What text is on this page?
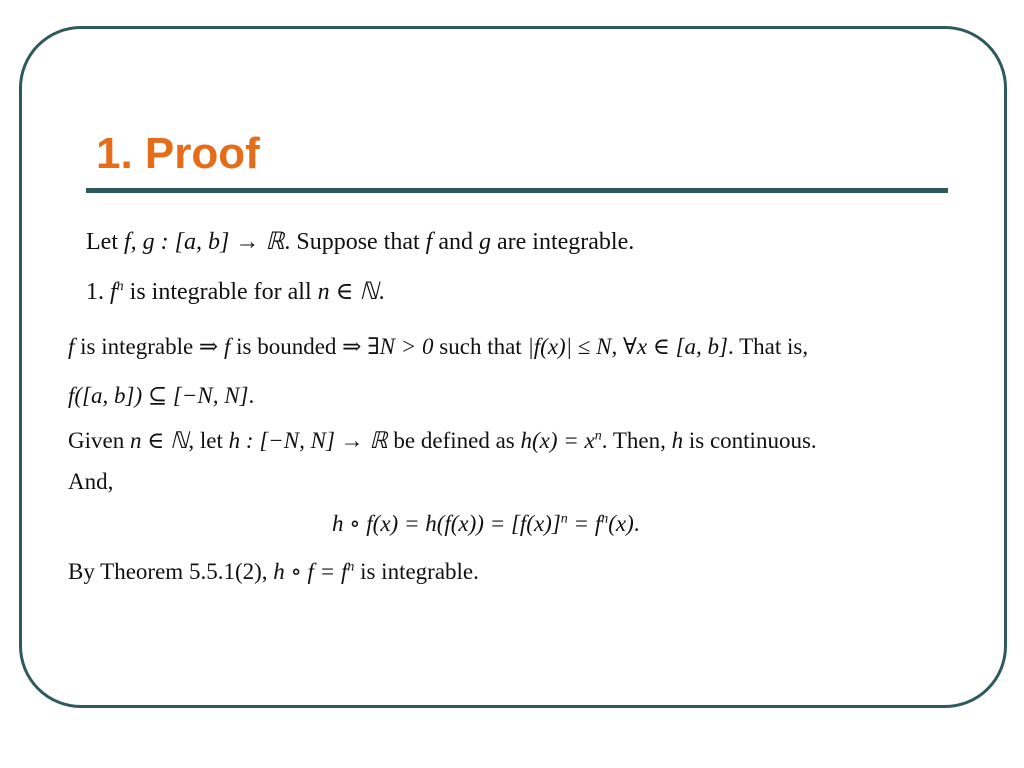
1. Proof
Let f, g : [a, b] → ℝ. Suppose that f and g are integrable.
1. $f^n$ is integrable for all n ∈ ℕ.
f is integrable ⇒ f is bounded ⇒ ∃N > 0 such that |f(x)| ≤ N, ∀x ∈ [a, b]. That is,
f([a, b]) ⊆ [−N, N].
Given n ∈ ℕ, let h : [−N, N] → ℝ be defined as $h(x) = x^n$. Then, h is continuous.
And,
h ∘ $f(x) = h(f(x)) = [f(x)]^n = f^n(x)$.
By Theorem 5.5.1(2), h ∘ $f = f^n$ is integrable.
